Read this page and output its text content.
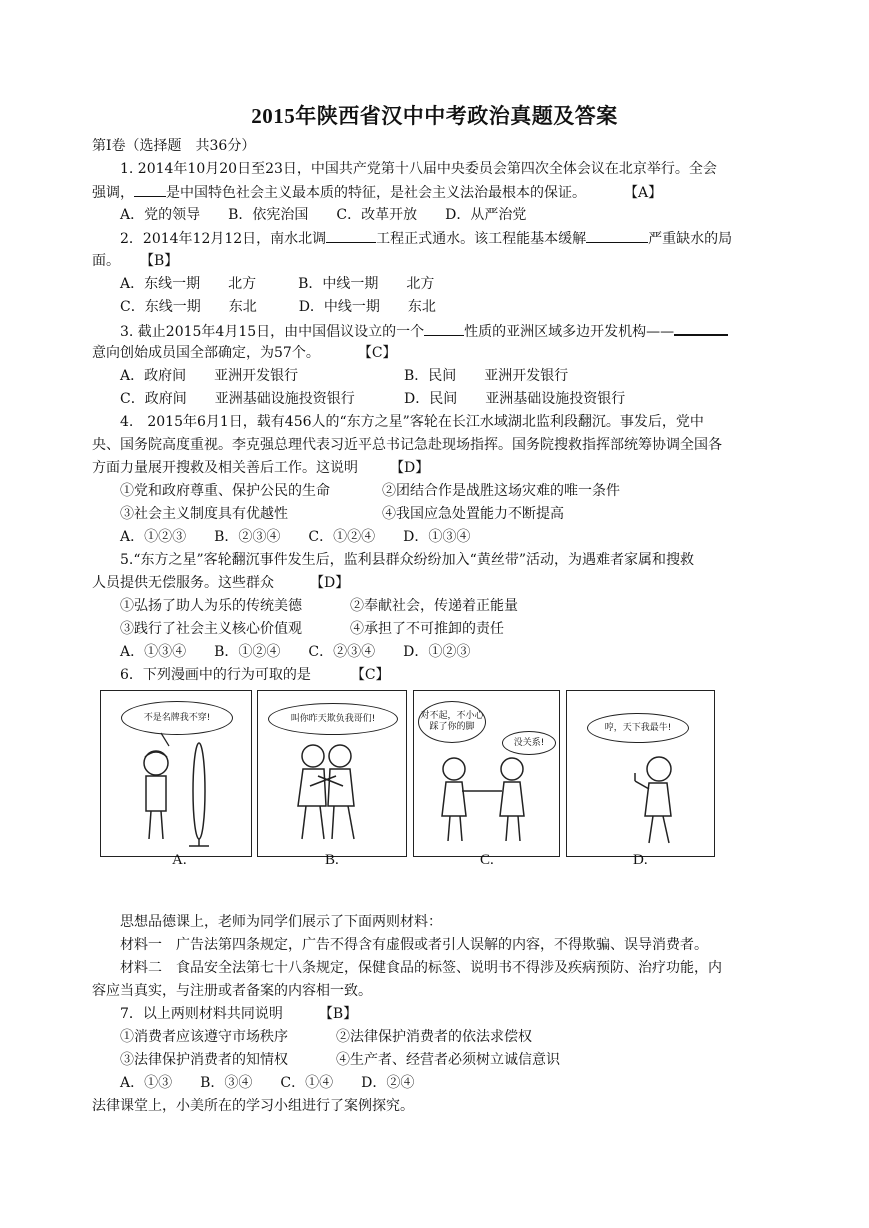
2015年陕西省汉中中考政治真题及答案
第Ⅰ卷（选择题　共36分）
1. 2014年10月20日至23日，中国共产党第十八届中央委员会第四次全体会议在北京举行。全会
强调， 是中国特色社会主义最本质的特征，是社会主义法治最根本的保证。	【A】
A．党的领导　　B．依宪治国　　C．改革开放　　D．从严治党
2．2014年12月12日，南水北调	工程正式通水。该工程能基本缓解	严重缺水的局
面。 【B】
A．东线一期　　北方　　　B．中线一期　　北方
C．东线一期　　东北　　　D．中线一期　　东北
3. 截止2015年4月15日，由中国倡议设立的一个	性质的亚洲区域多边开发机构——
意向创始成员国全部确定，为57个。	【C】
A．政府间　　亚洲开发银行	B．民间　　亚洲开发银行
C．政府间　　亚洲基础设施投资银行	D．民间　　亚洲基础设施投资银行
4.　2015年6月1日，载有456人的“东方之星”客轮在长江水域湖北监利段翻沉。事发后，党中
央、国务院高度重视。李克强总理代表习近平总书记急赴现场指挥。国务院搜救指挥部统筹协调全国各
方面力量展开搜救及相关善后工作。这说明 【D】
①党和政府尊重、保护公民的生命	②团结合作是战胜这场灾难的唯一条件
③社会主义制度具有优越性	④我国应急处置能力不断提高
A．①②③　　B．②③④　　C．①②④　　D．①③④
5.“东方之星”客轮翻沉事件发生后，监利县群众纷纷加入“黄丝带”活动，为遇难者家属和搜救
人员提供无偿服务。这些群众	【D】
①弘扬了助人为乐的传统美德	②奉献社会，传递着正能量
③践行了社会主义核心价值观	④承担了不可推卸的责任
A．①③④　　B．①②④　　C．②③④　　D．①②③
6．下列漫画中的行为可取的是	【C】
不是名牌我不穿!	叫你昨天欺负我哥们!	对不起，不小心踩了你的脚
没关系!
哼，天下我最牛!
A.	B.	C.	D.
思想品德课上，老师为同学们展示了下面两则材料：
材料一　广告法第四条规定，广告不得含有虚假或者引人误解的内容，不得欺骗、误导消费者。
材料二　食品安全法第七十八条规定，保健食品的标签、说明书不得涉及疾病预防、治疗功能，内
容应当真实，与注册或者备案的内容相一致。
7．以上两则材料共同说明	【B】
①消费者应该遵守市场秩序	②法律保护消费者的依法求偿权
③法律保护消费者的知情权	④生产者、经营者必须树立诚信意识
A．①③　　B．③④　　C．①④　　D．②④
法律课堂上，小美所在的学习小组进行了案例探究。
